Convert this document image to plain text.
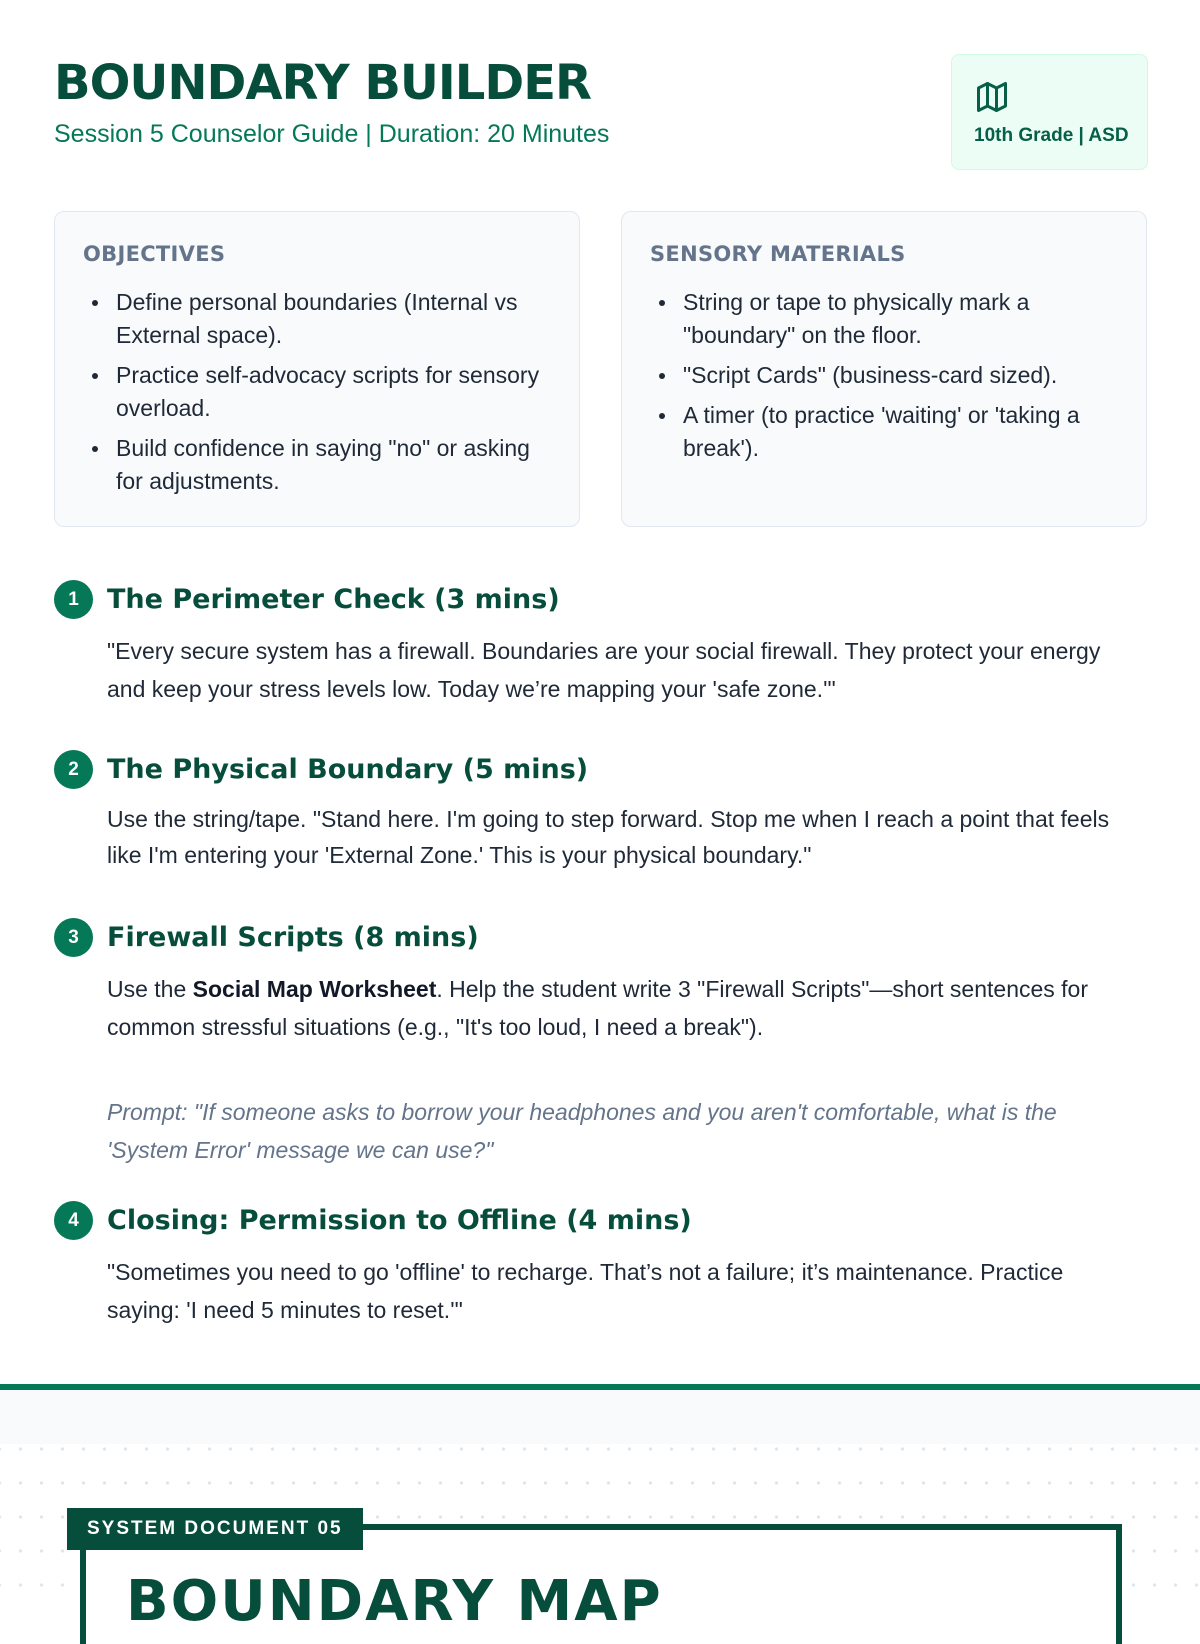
BOUNDARY BUILDER
Session 5 Counselor Guide | Duration: 20 Minutes	10th Grade | ASD
OBJECTIVES
Define personal boundaries (Internal vs External space).
Practice self-advocacy scripts for sensory overload.
Build confidence in saying "no" or asking for adjustments.
SENSORY MATERIALS
String or tape to physically mark a "boundary" on the floor.
"Script Cards" (business-card sized).
A timer (to practice 'waiting' or 'taking a break').
1	The Perimeter Check (3 mins)
"Every secure system has a firewall. Boundaries are your social firewall. They protect your energy and keep your stress levels low. Today we’re mapping your 'safe zone.'"
2	The Physical Boundary (5 mins)
Use the string/tape. "Stand here. I'm going to step forward. Stop me when I reach a point that feels like I'm entering your 'External Zone.' This is your physical boundary."
3	Firewall Scripts (8 mins)
Use the Social Map Worksheet. Help the student write 3 "Firewall Scripts"—short sentences for common stressful situations (e.g., "It's too loud, I need a break").
Prompt: "If someone asks to borrow your headphones and you aren't comfortable, what is the 'System Error' message we can use?"
4	Closing: Permission to Offline (4 mins)
"Sometimes you need to go 'offline' to recharge. That’s not a failure; it’s maintenance. Practice saying: 'I need 5 minutes to reset.'"
SYSTEM DOCUMENT 05
BOUNDARY MAP
